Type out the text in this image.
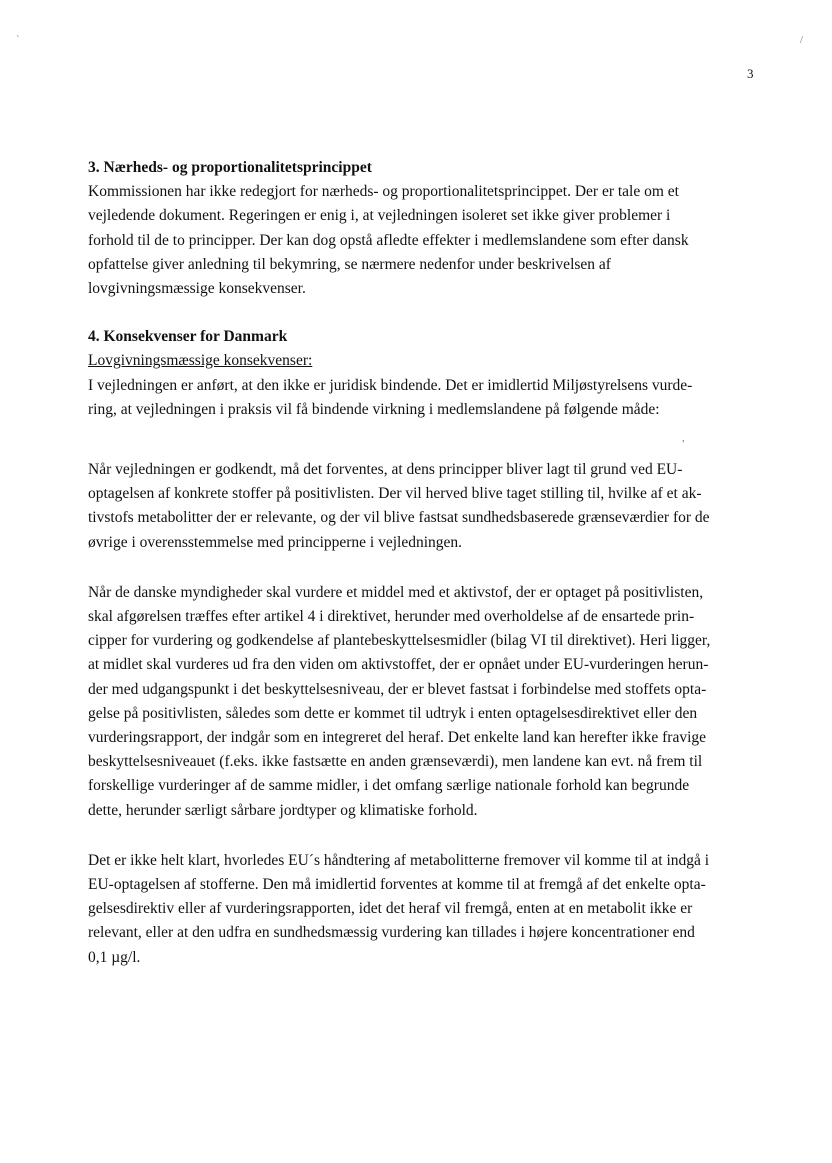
3
`	/
,
3. Nærheds- og proportionalitetsprincippet

Kommissionen har ikke redegjort for nærheds- og proportionalitetsprincippet. Der er tale om et
vejledende dokument. Regeringen er enig i, at vejledningen isoleret set ikke giver problemer i
forhold til de to principper. Der kan dog opstå afledte effekter i medlemslandene som efter dansk
opfattelse giver anledning til bekymring, se nærmere nedenfor under beskrivelsen af
lovgivningsmæssige konsekvenser.

4. Konsekvenser for Danmark
Lovgivningsmæssige konsekvenser:

I vejledningen er anført, at den ikke er juridisk bindende. Det er imidlertid Miljøstyrelsens vurde-
ring, at vejledningen i praksis vil få bindende virkning i medlemslandene på følgende måde:

Når vejledningen er godkendt, må det forventes, at dens principper bliver lagt til grund ved EU-
optagelsen af konkrete stoffer på positivlisten. Der vil herved blive taget stilling til, hvilke af et ak-
tivstofs metabolitter der er relevante, og der vil blive fastsat sundhedsbaserede grænseværdier for de
øvrige i overensstemmelse med principperne i vejledningen.

Når de danske myndigheder skal vurdere et middel med et aktivstof, der er optaget på positivlisten,
skal afgørelsen træffes efter artikel 4 i direktivet, herunder med overholdelse af de ensartede prin-
cipper for vurdering og godkendelse af plantebeskyttelsesmidler (bilag VI til direktivet). Heri ligger,
at midlet skal vurderes ud fra den viden om aktivstoffet, der er opnået under EU-vurderingen herun-
der med udgangspunkt i det beskyttelsesniveau, der er blevet fastsat i forbindelse med stoffets opta-
gelse på positivlisten, således som dette er kommet til udtryk i enten optagelsesdirektivet eller den
vurderingsrapport, der indgår som en integreret del heraf. Det enkelte land kan herefter ikke fravige
beskyttelsesniveauet (f.eks. ikke fastsætte en anden grænseværdi), men landene kan evt. nå frem til
forskellige vurderinger af de samme midler, i det omfang særlige nationale forhold kan begrunde
dette, herunder særligt sårbare jordtyper og klimatiske forhold.

Det er ikke helt klart, hvorledes EU´s håndtering af metabolitterne fremover vil komme til at indgå i
EU-optagelsen af stofferne. Den må imidlertid forventes at komme til at fremgå af det enkelte opta-
gelsesdirektiv eller af vurderingsrapporten, idet det heraf vil fremgå, enten at en metabolit ikke er
relevant, eller at den udfra en sundhedsmæssig vurdering kan tillades i højere koncentrationer end
0,1 µg/l.
